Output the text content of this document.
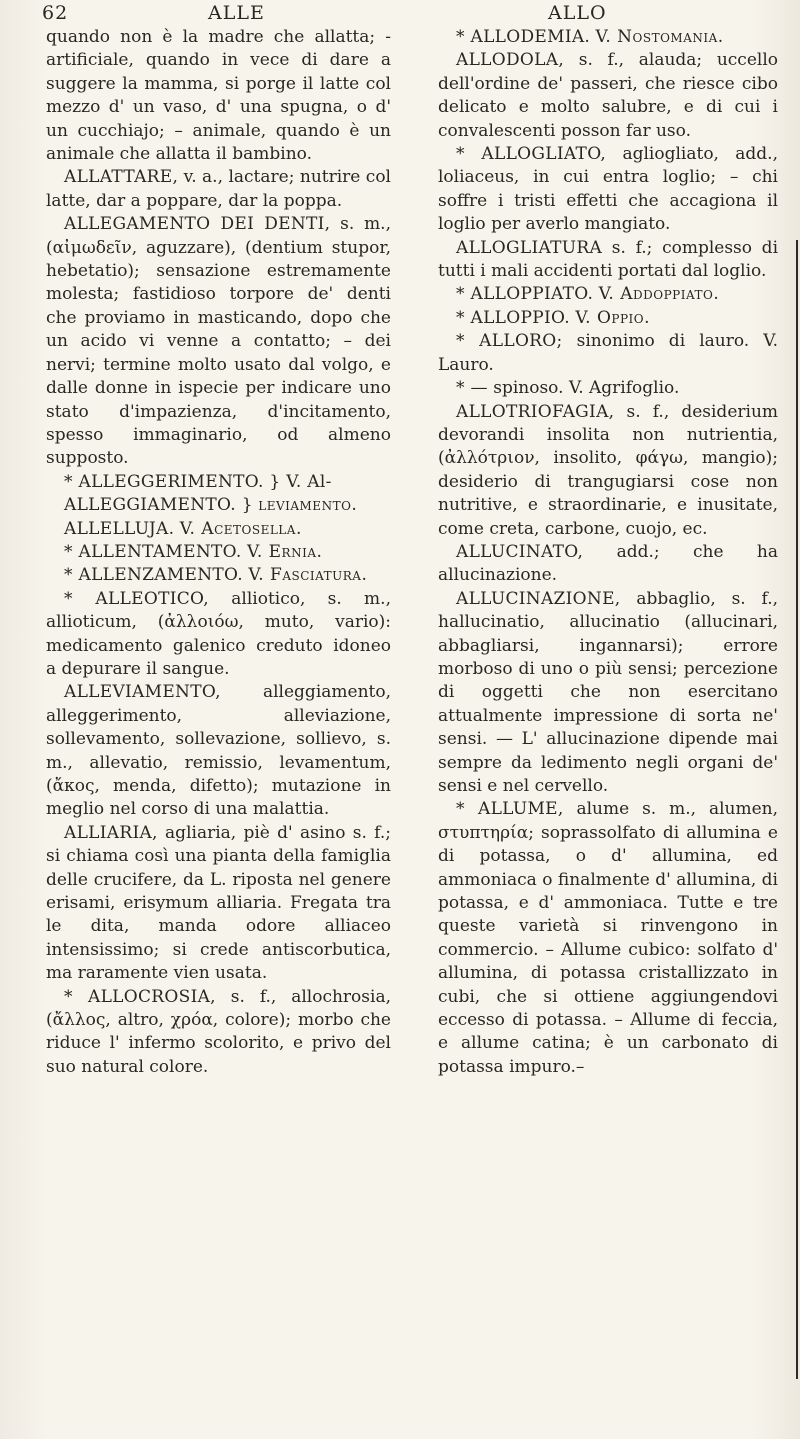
62	ALLE	ALLO

quando non è la madre che allatta; - artificiale, quando in vece di dare a suggere la mamma, si porge il latte col mezzo d' un vaso, d' una spugna, o d' un cucchiajo; – animale, quando è un animale che allatta il bambino.

ALLATTARE, v. a., lactare; nutrire col latte, dar a poppare, dar la poppa.

ALLEGAMENTO DEI DENTI, s. m., (αἰμωδεῖν, aguzzare), (dentium stupor, hebetatio); sensazione estremamente molesta; fastidioso torpore de' denti che proviamo in masticando, dopo che un acido vi venne a contatto; – dei nervi; termine molto usato dal volgo, e dalle donne in ispecie per indicare uno stato d'impazienza, d'incitamento, spesso immaginario, od almeno supposto.

* ALLEGGERIMENTO. } V. Al-

ALLEGGIAMENTO. } leviamento.

ALLELLUJA. V. Acetosella.

* ALLENTAMENTO. V. Ernia.

* ALLENZAMENTO. V. Fasciatura.

* ALLEOTICO, alliotico, s. m., allioticum, (ἀλλοιόω, muto, vario): medicamento galenico creduto idoneo a depurare il sangue.

ALLEVIAMENTO, alleggiamento, alleggerimento, alleviazione, sollevamento, sollevazione, sollievo, s. m., allevatio, remissio, levamentum, (ἄκος, menda, difetto); mutazione in meglio nel corso di una malattia.

ALLIARIA, agliaria, piè d' asino s. f.; si chiama così una pianta della famiglia delle crucifere, da L. riposta nel genere erisami, erisymum alliaria. Fregata tra le dita, manda odore alliaceo intensissimo; si crede antiscorbutica, ma raramente vien usata.

* ALLOCROSIA, s. f., allochrosia, (ἄλλος, altro, χρόα, colore); morbo che riduce l' infermo scolorito, e privo del suo natural colore.

* ALLODEMIA. V. Nostomania.

ALLODOLA, s. f., alauda; uccello dell'ordine de' passeri, che riesce cibo delicato e molto salubre, e di cui i convalescenti posson far uso.

* ALLOGLIATO, agliogliato, add., loliaceus, in cui entra loglio; – chi soffre i tristi effetti che accagiona il loglio per averlo mangiato.

ALLOGLIATURA s. f.; complesso di tutti i mali accidenti portati dal loglio.

* ALLOPPIATO. V. Addoppiato.

* ALLOPPIO. V. Oppio.

* ALLORO; sinonimo di lauro. V. Lauro.

* — spinoso. V. Agrifoglio.

ALLOTRIOFAGIA, s. f., desiderium devorandi insolita non nutrientia, (ἀλλότριον, insolito, φάγω, mangio); desiderio di trangugiarsi cose non nutritive, e straordinarie, e inusitate, come creta, carbone, cuojo, ec.

ALLUCINATO, add.; che ha allucinazione.

ALLUCINAZIONE, abbaglio, s. f., hallucinatio, allucinatio (allucinari, abbagliarsi, ingannarsi); errore morboso di uno o più sensi; percezione di oggetti che non esercitano attualmente impressione di sorta ne' sensi. — L' allucinazione dipende mai sempre da ledimento negli organi de' sensi e nel cervello.

* ALLUME, alume s. m., alumen, στυπτηρία; soprassolfato di allumina e di potassa, o d' allumina, ed ammoniaca o finalmente d' allumina, di potassa, e d' ammoniaca. Tutte e tre queste varietà si rinvengono in commercio. – Allume cubico: solfato d' allumina, di potassa cristallizzato in cubi, che si ottiene aggiungendovi eccesso di potassa. – Allume di feccia, e allume catina; è un carbonato di potassa impuro.–
